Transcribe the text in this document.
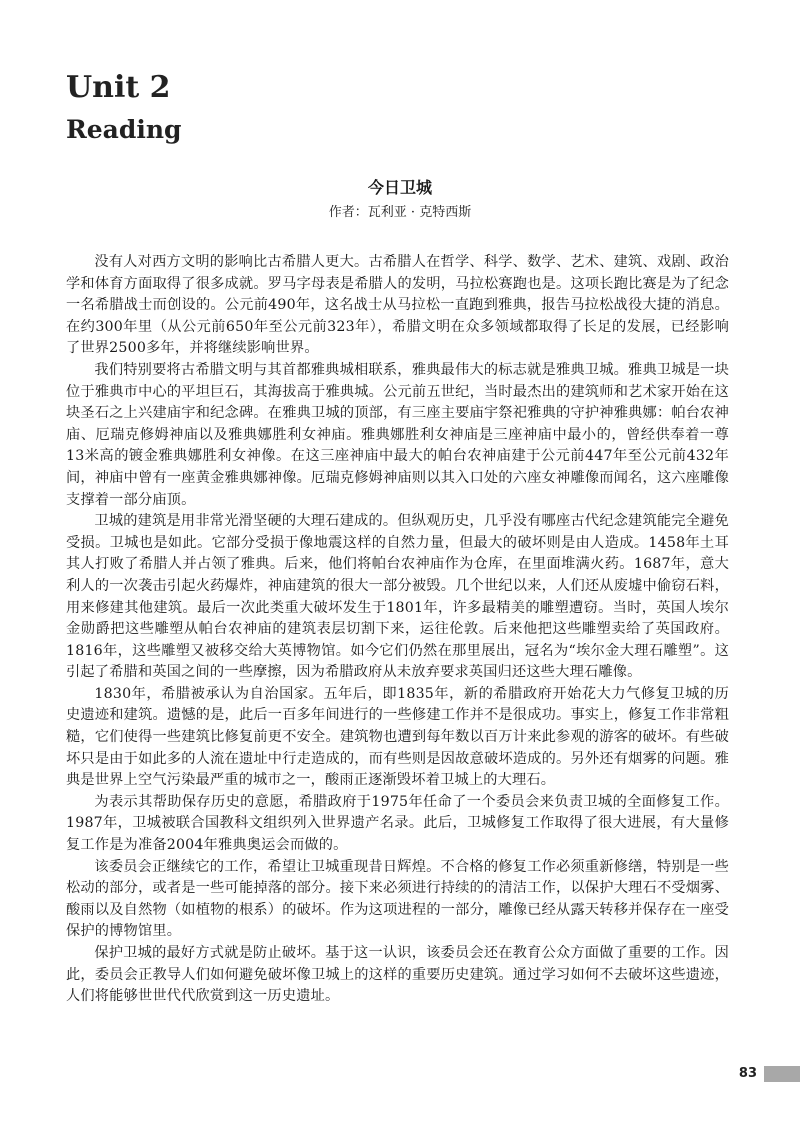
Unit 2
Reading
今日卫城
作者：瓦利亚 · 克特西斯

没有人对西方文明的影响比古希腊人更大。古希腊人在哲学、科学、数学、艺术、建筑、戏剧、政治学和体育方面取得了很多成就。罗马字母表是希腊人的发明，马拉松赛跑也是。这项长跑比赛是为了纪念一名希腊战士而创设的。公元前490年，这名战士从马拉松一直跑到雅典，报告马拉松战役大捷的消息。在约300年里（从公元前650年至公元前323年），希腊文明在众多领域都取得了长足的发展，已经影响了世界2500多年，并将继续影响世界。

我们特别要将古希腊文明与其首都雅典城相联系，雅典最伟大的标志就是雅典卫城。雅典卫城是一块位于雅典市中心的平坦巨石，其海拔高于雅典城。公元前五世纪，当时最杰出的建筑师和艺术家开始在这块圣石之上兴建庙宇和纪念碑。在雅典卫城的顶部，有三座主要庙宇祭祀雅典的守护神雅典娜：帕台农神庙、厄瑞克修姆神庙以及雅典娜胜利女神庙。雅典娜胜利女神庙是三座神庙中最小的，曾经供奉着一尊13米高的镀金雅典娜胜利女神像。在这三座神庙中最大的帕台农神庙建于公元前447年至公元前432年间，神庙中曾有一座黄金雅典娜神像。厄瑞克修姆神庙则以其入口处的六座女神雕像而闻名，这六座雕像支撑着一部分庙顶。

卫城的建筑是用非常光滑坚硬的大理石建成的。但纵观历史，几乎没有哪座古代纪念建筑能完全避免受损。卫城也是如此。它部分受损于像地震这样的自然力量，但最大的破坏则是由人造成。1458年土耳其人打败了希腊人并占领了雅典。后来，他们将帕台农神庙作为仓库，在里面堆满火药。1687年，意大利人的一次袭击引起火药爆炸，神庙建筑的很大一部分被毁。几个世纪以来，人们还从废墟中偷窃石料，用来修建其他建筑。最后一次此类重大破坏发生于1801年，许多最精美的雕塑遭窃。当时，英国人埃尔金勋爵把这些雕塑从帕台农神庙的建筑表层切割下来，运往伦敦。后来他把这些雕塑卖给了英国政府。1816年，这些雕塑又被移交给大英博物馆。如今它们仍然在那里展出，冠名为“埃尔金大理石雕塑”。这引起了希腊和英国之间的一些摩擦，因为希腊政府从未放弃要求英国归还这些大理石雕像。

1830年，希腊被承认为自治国家。五年后，即1835年，新的希腊政府开始花大力气修复卫城的历史遗迹和建筑。遗憾的是，此后一百多年间进行的一些修建工作并不是很成功。事实上，修复工作非常粗糙，它们使得一些建筑比修复前更不安全。建筑物也遭到每年数以百万计来此参观的游客的破坏。有些破坏只是由于如此多的人流在遗址中行走造成的，而有些则是因故意破坏造成的。另外还有烟雾的问题。雅典是世界上空气污染最严重的城市之一，酸雨正逐渐毁坏着卫城上的大理石。

为表示其帮助保存历史的意愿，希腊政府于1975年任命了一个委员会来负责卫城的全面修复工作。1987年，卫城被联合国教科文组织列入世界遗产名录。此后，卫城修复工作取得了很大进展，有大量修复工作是为准备2004年雅典奥运会而做的。

该委员会正继续它的工作，希望让卫城重现昔日辉煌。不合格的修复工作必须重新修缮，特别是一些松动的部分，或者是一些可能掉落的部分。接下来必须进行持续的的清洁工作，以保护大理石不受烟雾、酸雨以及自然物（如植物的根系）的破坏。作为这项进程的一部分，雕像已经从露天转移并保存在一座受保护的博物馆里。

保护卫城的最好方式就是防止破坏。基于这一认识，该委员会还在教育公众方面做了重要的工作。因此，委员会正教导人们如何避免破坏像卫城上的这样的重要历史建筑。通过学习如何不去破坏这些遗迹，人们将能够世世代代欣赏到这一历史遗址。

83
